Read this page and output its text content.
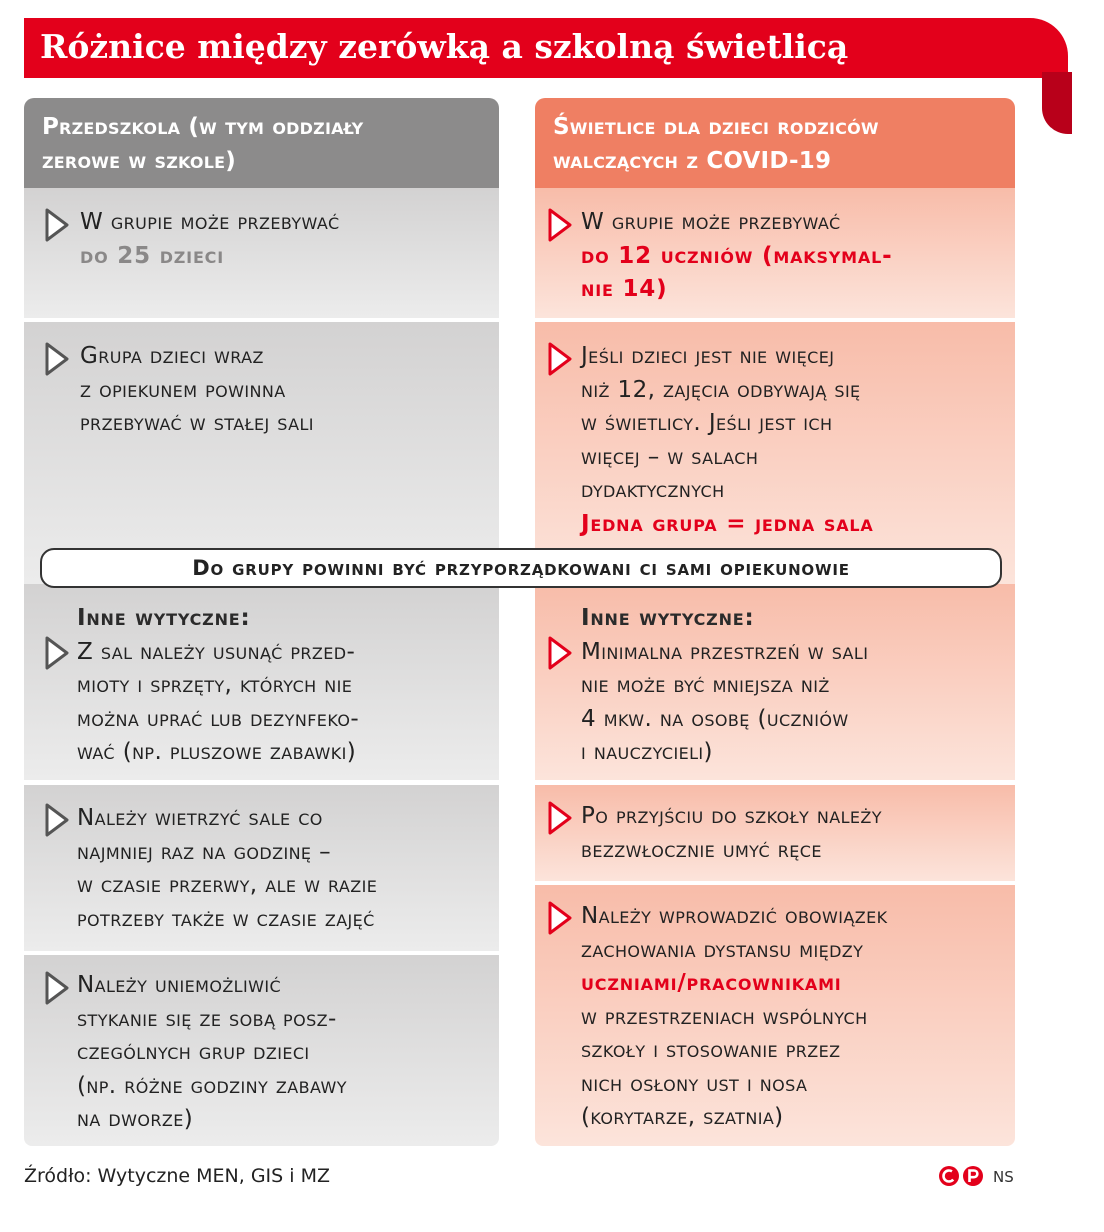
Różnice między zerówką a szkolną świetlicą
Przedszkola (w tym oddziały
zerowe w szkole)
Świetlice dla dzieci rodziców
walczących z COVID-19
W grupie może przebywać
do 25 dzieci
Grupa dzieci wraz
z opiekunem powinna
przebywać w stałej sali
Inne wytyczne:
Z sal należy usunąć przed-
mioty i sprzęty, których nie
można uprać lub dezynfeko-
wać (np. pluszowe zabawki)
Należy wietrzyć sale co
najmniej raz na godzinę –
w czasie przerwy, ale w razie
potrzeby także w czasie zajęć
Należy uniemożliwić
stykanie się ze sobą posz-
czególnych grup dzieci
(np. różne godziny zabawy
na dworze)
W grupie może przebywać
do 12 uczniów (maksymal-
nie 14)
Jeśli dzieci jest nie więcej
niż 12, zajęcia odbywają się
w świetlicy. Jeśli jest ich
więcej – w salach
dydaktycznych
Jedna grupa = jedna sala
Inne wytyczne:
Minimalna przestrzeń w sali
nie może być mniejsza niż
4 mkw. na osobę (uczniów
i nauczycieli)
Po przyjściu do szkoły należy
bezzwłocznie umyć ręce
Należy wprowadzić obowiązek
zachowania dystansu między
uczniami/pracownikami
w przestrzeniach wspólnych
szkoły i stosowanie przez
nich osłony ust i nosa
(korytarze, szatnia)
Do grupy powinni być przyporządkowani ci sami opiekunowie
Źródło: Wytyczne MEN, GIS i MZ	NS
